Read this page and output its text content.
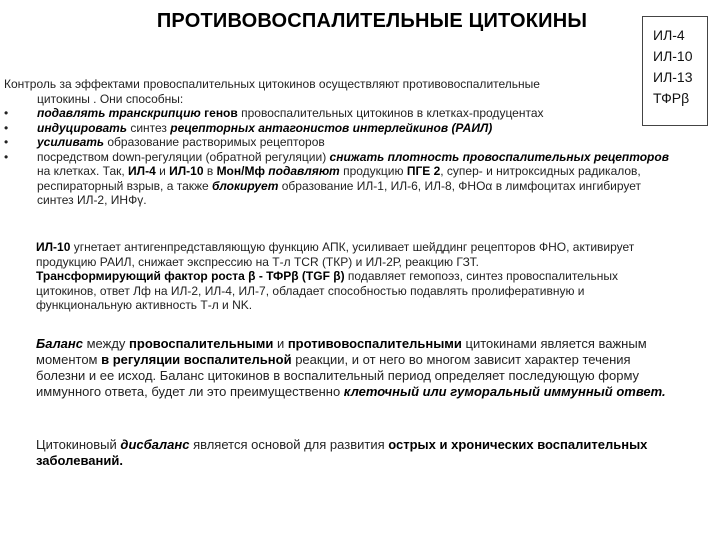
ПРОТИВОВОСПАЛИТЕЛЬНЫЕ ЦИТОКИНЫ
ИЛ-4
ИЛ-10
ИЛ-13
ТФРβ
Контроль за эффектами провоспалительных цитокинов осуществляют противовоспалительные
цитокины . Они способны:
• подавлять транскрипцию генов провоспалительных цитокинов в клетках-продуцентах
• индуцировать синтез рецепторных антагонистов интерлейкинов (РАИЛ)
• усиливать образование растворимых рецепторов
• посредством down-регуляции (обратной регуляции) снижать плотность провоспалительных рецепторов на клетках. Так, ИЛ-4 и ИЛ-10 в Мон/Мф подавляют продукцию ПГЕ 2, супер- и нитроксидных радикалов, респираторный взрыв, а также блокирует образование ИЛ-1, ИЛ-6, ИЛ-8, ФНОα в лимфоцитах ингибирует синтез ИЛ-2, ИНФγ.
ИЛ-10 угнетает антигенпредставляющую функцию АПК, усиливает шейддинг рецепторов ФНО, активирует продукцию РАИЛ, снижает экспрессию на Т-л TCR (ТКР) и ИЛ-2Р, реакцию ГЗТ.
Трансформирующий фактор роста β - ТФРβ (TGF β) подавляет гемопоэз, синтез провоспалительных цитокинов, ответ Лф на ИЛ-2, ИЛ-4, ИЛ-7, обладает способностью подавлять пролиферативную и функциональную активность Т-л и NK.
Баланс между провоспалительными и противовоспалительными цитокинами является важным моментом в регуляции воспалительной реакции, и от него во многом зависит характер течения болезни и ее исход. Баланс цитокинов в воспалительный период определяет последующую форму иммунного ответа, будет ли это преимущественно клеточный или гуморальный иммунный ответ.
Цитокиновый дисбаланс является основой для развития острых и хронических воспалительных заболеваний.
